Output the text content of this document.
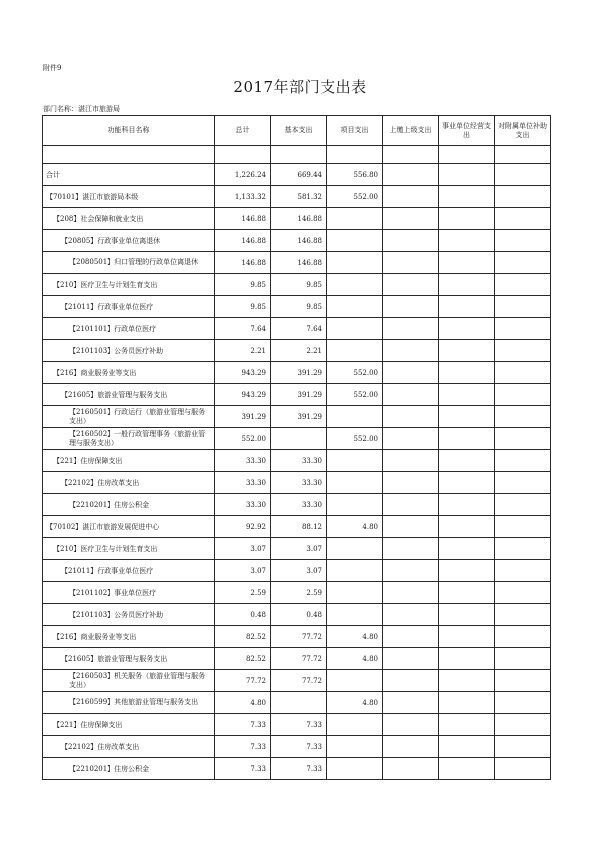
附件9
2017年部门支出表
部门名称：湛江市旅游局
功能科目名称	总计	基本支出	项目支出	上缴上级支出	事业单位经营支出	对附属单位补助支出

合计	1,226.24	669.44	556.80			
【70101】湛江市旅游局本级	1,133.32	581.32	552.00			
【208】社会保障和就业支出	146.88	146.88				
【20805】行政事业单位离退休	146.88	146.88				
【2080501】归口管理的行政单位离退休	146.88	146.88				
【210】医疗卫生与计划生育支出	9.85	9.85				
【21011】行政事业单位医疗	9.85	9.85				
【2101101】行政单位医疗	7.64	7.64				
【2101103】公务员医疗补助	2.21	2.21				
【216】商业服务业等支出	943.29	391.29	552.00			
【21605】旅游业管理与服务支出	943.29	391.29	552.00			
【2160501】行政运行（旅游业管理与服务支出）	391.29	391.29				
【2160502】一般行政管理事务（旅游业管理与服务支出）	552.00		552.00			
【221】住房保障支出	33.30	33.30				
【22102】住房改革支出	33.30	33.30				
【2210201】住房公积金	33.30	33.30				
【70102】湛江市旅游发展促进中心	92.92	88.12	4.80			
【210】医疗卫生与计划生育支出	3.07	3.07				
【21011】行政事业单位医疗	3.07	3.07				
【2101102】事业单位医疗	2.59	2.59				
【2101103】公务员医疗补助	0.48	0.48				
【216】商业服务业等支出	82.52	77.72	4.80			
【21605】旅游业管理与服务支出	82.52	77.72	4.80			
【2160503】机关服务（旅游业管理与服务支出）	77.72	77.72				
【2160599】其他旅游业管理与服务支出	4.80		4.80			
【221】住房保障支出	7.33	7.33				
【22102】住房改革支出	7.33	7.33				
【2210201】住房公积金	7.33	7.33				
